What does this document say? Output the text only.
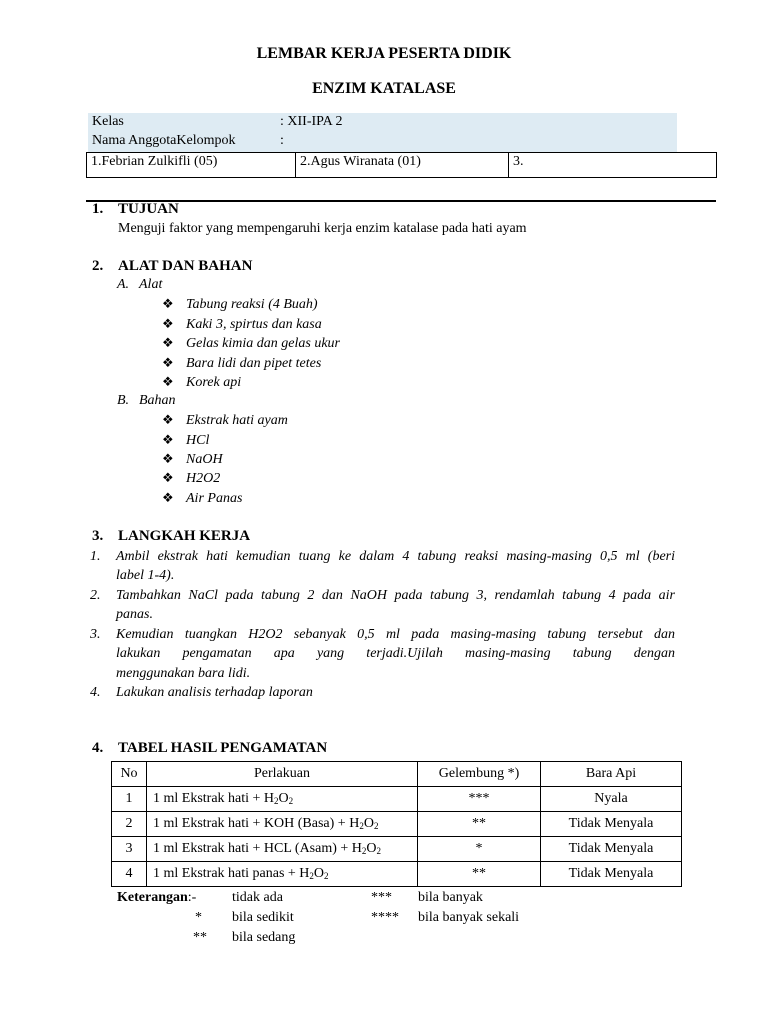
LEMBAR KERJA PESERTA DIDIK
ENZIM KATALASE
Kelas	: XII-IPA 2
Nama AnggotaKelompok	:
1.Febrian Zulkifli (05)	2.Agus Wiranata (01)	3.
1. TUJUAN
Menguji faktor yang mempengaruhi kerja enzim katalase pada hati ayam
2. ALAT DAN BAHAN
A. Alat
❖ Tabung reaksi (4 Buah)
❖ Kaki 3, spirtus dan kasa
❖ Gelas kimia dan gelas ukur
❖ Bara lidi dan pipet tetes
❖ Korek api
B. Bahan
❖ Ekstrak hati ayam
❖ HCl
❖ NaOH
❖ H2O2
❖ Air Panas
3. LANGKAH KERJA
1. Ambil ekstrak hati kemudian tuang ke dalam 4 tabung reaksi masing-masing 0,5 ml (beri
label 1-4).
2. Tambahkan NaCl pada tabung 2 dan NaOH pada tabung 3, rendamlah tabung 4 pada air
panas.
3. Kemudian tuangkan H2O2 sebanyak 0,5 ml pada masing-masing tabung tersebut dan
lakukan pengamatan apa yang terjadi.Ujilah masing-masing tabung dengan
menggunakan bara lidi.
4. Lakukan analisis terhadap laporan
4. TABEL HASIL PENGAMATAN
No	Perlakuan	Gelembung *)	Bara Api
1	1 ml Ekstrak hati + $H_2O_2$	***	Nyala
2	1 ml Ekstrak hati + KOH (Basa) + $H_2O_2$	**	Tidak Menyala
3	1 ml Ekstrak hati + HCL (Asam) + $H_2O_2$	*	Tidak Menyala
4	1 ml Ekstrak hati panas + $H_2O_2$	**	Tidak Menyala
Keterangan:-	tidak ada
* bila sedikit
** bila sedang
*** bila banyak
**** bila banyak sekali
